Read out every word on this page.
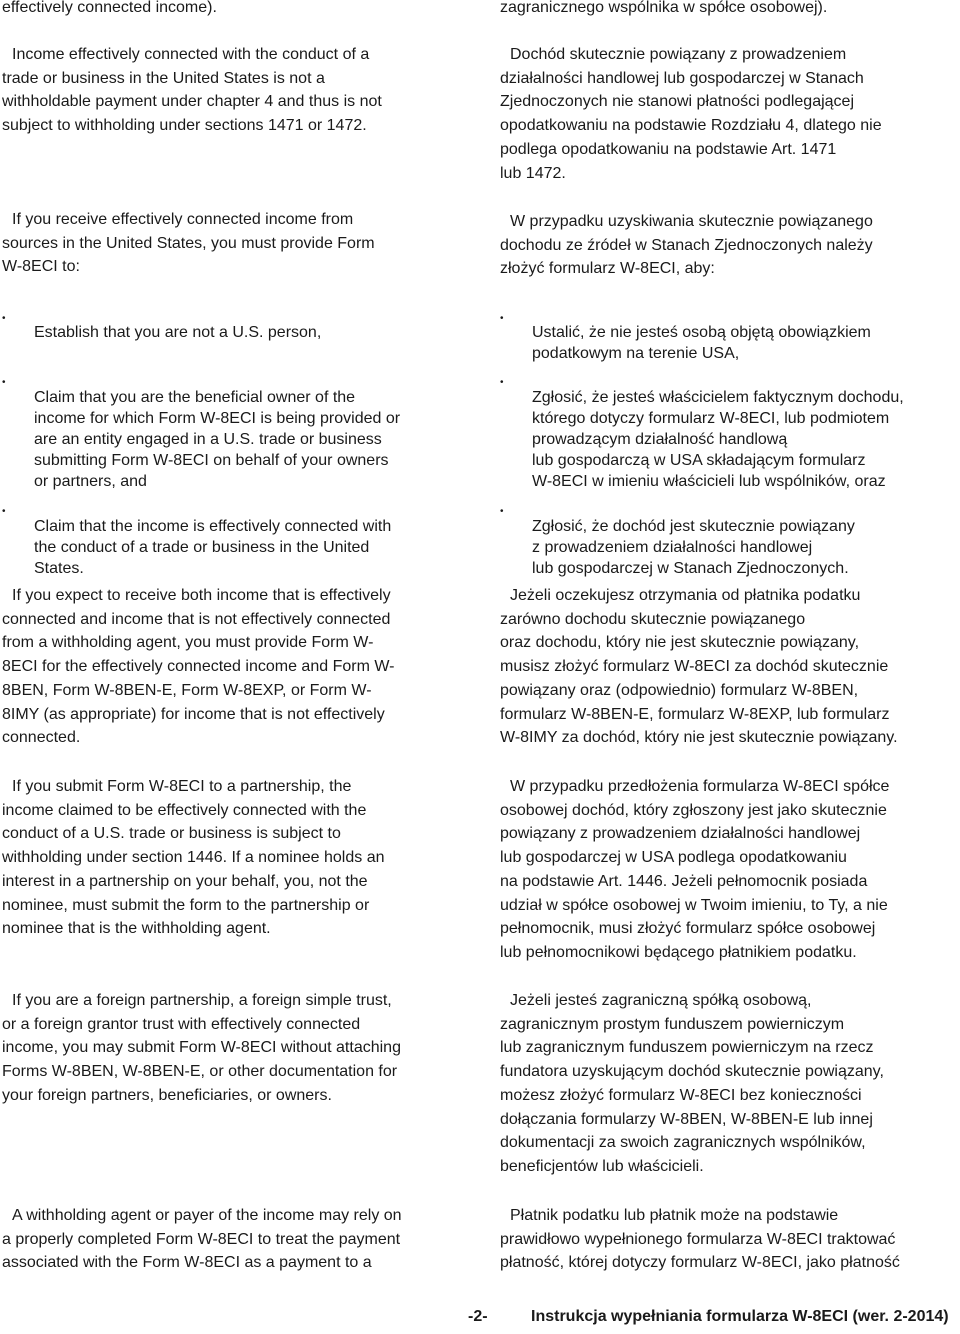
effectively connected income).

Income effectively connected with the conduct of a
trade or business in the United States is not a
withholdable payment under chapter 4 and thus is not
subject to withholding under sections 1471 or 1472.

If you receive effectively connected income from
sources in the United States, you must provide Form
W-8ECI to:

•

Establish that you are not a U.S. person,

•

Claim that you are the beneficial owner of the
income for which Form W-8ECI is being provided or
are an entity engaged in a U.S. trade or business
submitting Form W-8ECI on behalf of your owners
or partners, and

•

Claim that the income is effectively connected with
the conduct of a trade or business in the United
States.

If you expect to receive both income that is effectively
connected and income that is not effectively connected
from a withholding agent, you must provide Form W-
8ECI for the effectively connected income and Form W-
8BEN, Form W-8BEN-E, Form W-8EXP, or Form W-
8IMY (as appropriate) for income that is not effectively
connected.

If you submit Form W-8ECI to a partnership, the
income claimed to be effectively connected with the
conduct of a U.S. trade or business is subject to
withholding under section 1446. If a nominee holds an
interest in a partnership on your behalf, you, not the
nominee, must submit the form to the partnership or
nominee that is the withholding agent.

If you are a foreign partnership, a foreign simple trust,
or a foreign grantor trust with effectively connected
income, you may submit Form W-8ECI without attaching
Forms W-8BEN, W-8BEN-E, or other documentation for
your foreign partners, beneficiaries, or owners.

A withholding agent or payer of the income may rely on
a properly completed Form W-8ECI to treat the payment
associated with the Form W-8ECI as a payment to a

zagranicznego wspólnika w spółce osobowej).

Dochód skutecznie powiązany z prowadzeniem
działalności handlowej lub gospodarczej w Stanach
Zjednoczonych nie stanowi płatności podlegającej
opodatkowaniu na podstawie Rozdziału 4, dlatego nie
podlega opodatkowaniu na podstawie Art. 1471
lub 1472.

W przypadku uzyskiwania skutecznie powiązanego
dochodu ze źródeł w Stanach Zjednoczonych należy
złożyć formularz W-8ECI, aby:

•

Ustalić, że nie jesteś osobą objętą obowiązkiem
podatkowym na terenie USA,

•

Zgłosić, że jesteś właścicielem faktycznym dochodu,
którego dotyczy formularz W-8ECI, lub podmiotem
prowadzącym działalność handlową
lub gospodarczą w USA składającym formularz
W-8ECI w imieniu właścicieli lub wspólników, oraz

•

Zgłosić, że dochód jest skutecznie powiązany
z prowadzeniem działalności handlowej
lub gospodarczej w Stanach Zjednoczonych.

Jeżeli oczekujesz otrzymania od płatnika podatku
zarówno dochodu skutecznie powiązanego
oraz dochodu, który nie jest skutecznie powiązany,
musisz złożyć formularz W-8ECI za dochód skutecznie
powiązany oraz (odpowiednio) formularz W-8BEN,
formularz W-8BEN-E, formularz W-8EXP, lub formularz
W-8IMY za dochód, który nie jest skutecznie powiązany.

W przypadku przedłożenia formularza W-8ECI spółce
osobowej dochód, który zgłoszony jest jako skutecznie
powiązany z prowadzeniem działalności handlowej
lub gospodarczej w USA podlega opodatkowaniu
na podstawie Art. 1446. Jeżeli pełnomocnik posiada
udział w spółce osobowej w Twoim imieniu, to Ty, a nie
pełnomocnik, musi złożyć formularz spółce osobowej
lub pełnomocnikowi będącego płatnikiem podatku.

Jeżeli jesteś zagraniczną spółką osobową,
zagranicznym prostym funduszem powierniczym
lub zagranicznym funduszem powierniczym na rzecz
fundatora uzyskującym dochód skutecznie powiązany,
możesz złożyć formularz W-8ECI bez konieczności
dołączania formularzy W-8BEN, W-8BEN-E lub innej
dokumentacji za swoich zagranicznych wspólników,
beneficjentów lub właścicieli.

Płatnik podatku lub płatnik może na podstawie
prawidłowo wypełnionego formularza W-8ECI traktować
płatność, której dotyczy formularz W-8ECI, jako płatność

-2-	Instrukcja wypełniania formularza W-8ECI (wer. 2-2014)
